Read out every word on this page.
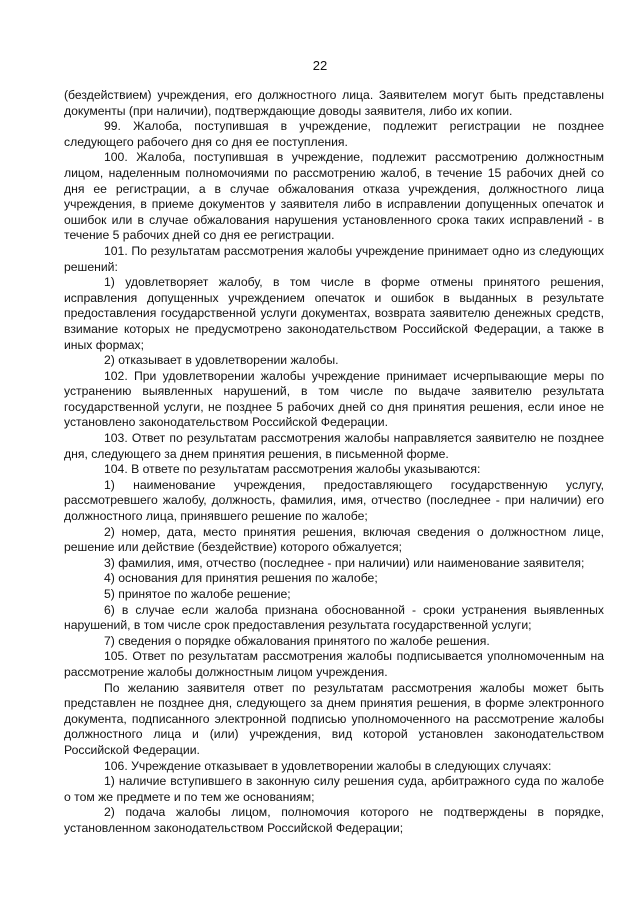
22

(бездействием) учреждения, его должностного лица. Заявителем могут быть представлены документы (при наличии), подтверждающие доводы заявителя, либо их копии.

99. Жалоба, поступившая в учреждение, подлежит регистрации не позднее следующего рабочего дня со дня ее поступления.

100. Жалоба, поступившая в учреждение, подлежит рассмотрению должностным лицом, наделенным полномочиями по рассмотрению жалоб, в течение 15 рабочих дней со дня ее регистрации, а в случае обжалования отказа учреждения, должностного лица учреждения, в приеме документов у заявителя либо в исправлении допущенных опечаток и ошибок или в случае обжалования нарушения установленного срока таких исправлений - в течение 5 рабочих дней со дня ее регистрации.

101. По результатам рассмотрения жалобы учреждение принимает одно из следующих решений:

1) удовлетворяет жалобу, в том числе в форме отмены принятого решения, исправления допущенных учреждением опечаток и ошибок в выданных в результате предоставления государственной услуги документах, возврата заявителю денежных средств, взимание которых не предусмотрено законодательством Российской Федерации, а также в иных формах;

2) отказывает в удовлетворении жалобы.

102. При удовлетворении жалобы учреждение принимает исчерпывающие меры по устранению выявленных нарушений, в том числе по выдаче заявителю результата государственной услуги, не позднее 5 рабочих дней со дня принятия решения, если иное не установлено законодательством Российской Федерации.

103. Ответ по результатам рассмотрения жалобы направляется заявителю не позднее дня, следующего за днем принятия решения, в письменной форме.

104. В ответе по результатам рассмотрения жалобы указываются:

1) наименование учреждения, предоставляющего государственную услугу, рассмотревшего жалобу, должность, фамилия, имя, отчество (последнее - при наличии) его должностного лица, принявшего решение по жалобе;

2) номер, дата, место принятия решения, включая сведения о должностном лице, решение или действие (бездействие) которого обжалуется;

3) фамилия, имя, отчество (последнее - при наличии) или наименование заявителя;

4) основания для принятия решения по жалобе;

5) принятое по жалобе решение;

6) в случае если жалоба признана обоснованной - сроки устранения выявленных нарушений, в том числе срок предоставления результата государственной услуги;

7) сведения о порядке обжалования принятого по жалобе решения.

105. Ответ по результатам рассмотрения жалобы подписывается уполномоченным на рассмотрение жалобы должностным лицом учреждения.

По желанию заявителя ответ по результатам рассмотрения жалобы может быть представлен не позднее дня, следующего за днем принятия решения, в форме электронного документа, подписанного электронной подписью уполномоченного на рассмотрение жалобы должностного лица и (или) учреждения, вид которой установлен законодательством Российской Федерации.

106. Учреждение отказывает в удовлетворении жалобы в следующих случаях:

1) наличие вступившего в законную силу решения суда, арбитражного суда по жалобе о том же предмете и по тем же основаниям;

2) подача жалобы лицом, полномочия которого не подтверждены в порядке, установленном законодательством Российской Федерации;
